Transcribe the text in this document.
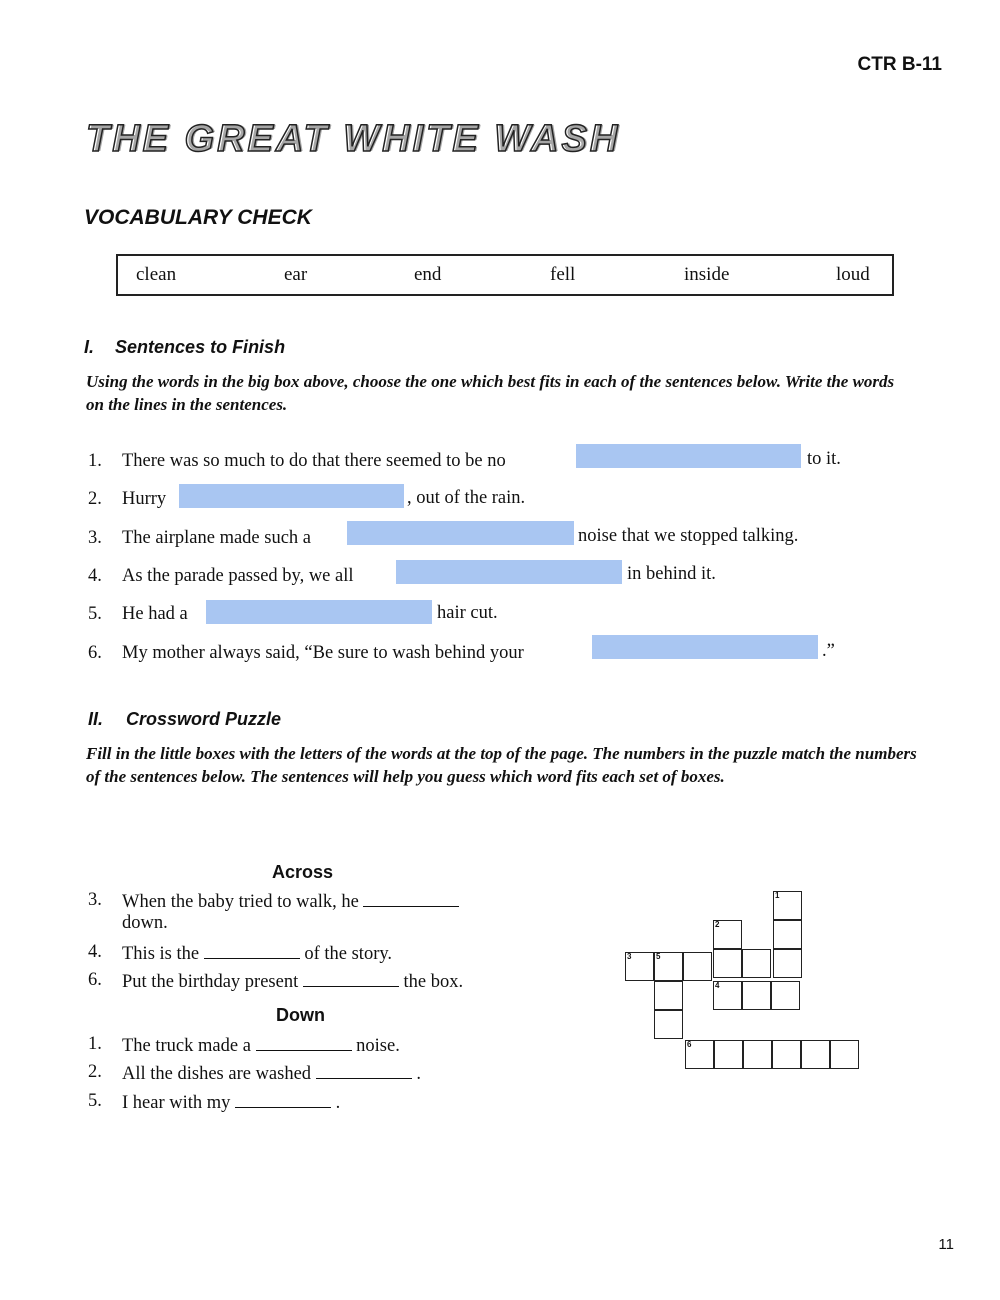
CTR B-11
THE GREAT WHITE WASH
VOCABULARY CHECK
clean	ear	end	fell	inside	loud
I. Sentences to Finish
Using the words in the big box above, choose the one which best fits in each of the sentences below. Write the words on the lines in the sentences.
1. There was so much to do that there seemed to be no	to it.
2. Hurry	, out of the rain.
3. The airplane made such a	noise that we stopped talking.
4. As the parade passed by, we all	in behind it.
5. He had a	hair cut.
6. My mother always said, “Be sure to wash behind your	.”
II. Crossword Puzzle
Fill in the little boxes with the letters of the words at the top of the page. The numbers in the puzzle match the numbers of the sentences below. The sentences will help you guess which word fits each set of boxes.
Across
3. When the baby tried to walk, he
down.
4. This is the	of the story.
6. Put the birthday present	the box.
Down
1. The truck made a	noise.
2. All the dishes are washed	.
5. I hear with my	.
1
2
3	5
4
6
11
